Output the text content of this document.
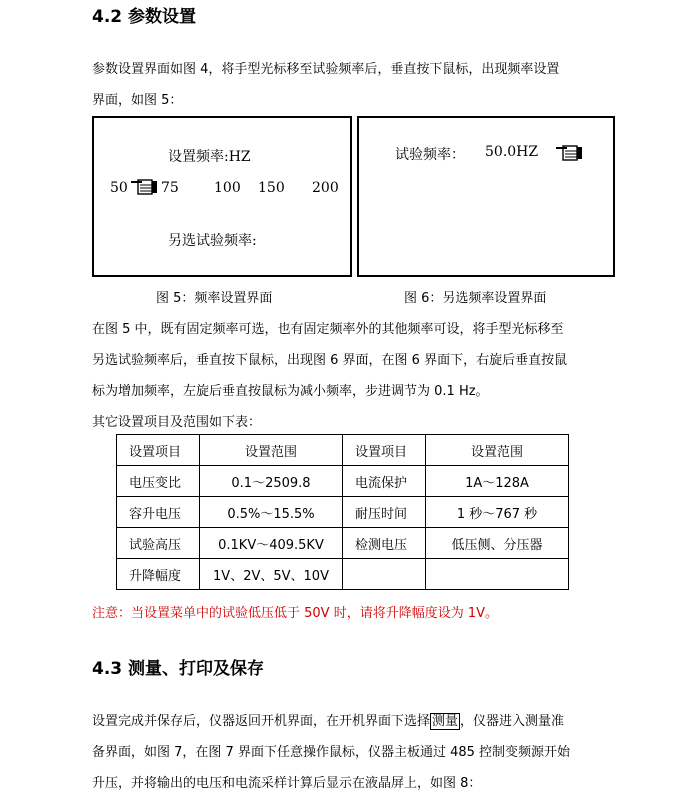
4.2 参数设置
参数设置界面如图 4，将手型光标移至试验频率后，垂直按下鼠标，出现频率设置
界面，如图 5：
设置频率:HZ
50 75	100 150 200
另选试验频率:
试验频率： 50.0HZ
图 5：频率设置界面	图 6：另选频率设置界面
在图 5 中，既有固定频率可选，也有固定频率外的其他频率可设，将手型光标移至
另选试验频率后，垂直按下鼠标，出现图 6 界面，在图 6 界面下，右旋后垂直按鼠
标为增加频率，左旋后垂直按鼠标为减小频率，步进调节为 0.1 Hz。
其它设置项目及范围如下表：
设置项目	设置范围	设置项目	设置范围
电压变比	0.1～2509.8	电流保护	1A～128A
容升电压	0.5%～15.5%	耐压时间	1 秒～767 秒
试验高压	0.1KV～409.5KV	检测电压	低压侧、分压器
升降幅度	1V、2V、5V、10V		
注意：当设置菜单中的试验低压低于 50V 时，请将升降幅度设为 1V。
4.3 测量、打印及保存
设置完成并保存后，仪器返回开机界面，在开机界面下选择 测量 ，仪器进入测量准
备界面，如图 7，在图 7 界面下任意操作鼠标，仪器主板通过 485 控制变频源开始
升压，并将输出的电压和电流采样计算后显示在液晶屏上，如图 8：
